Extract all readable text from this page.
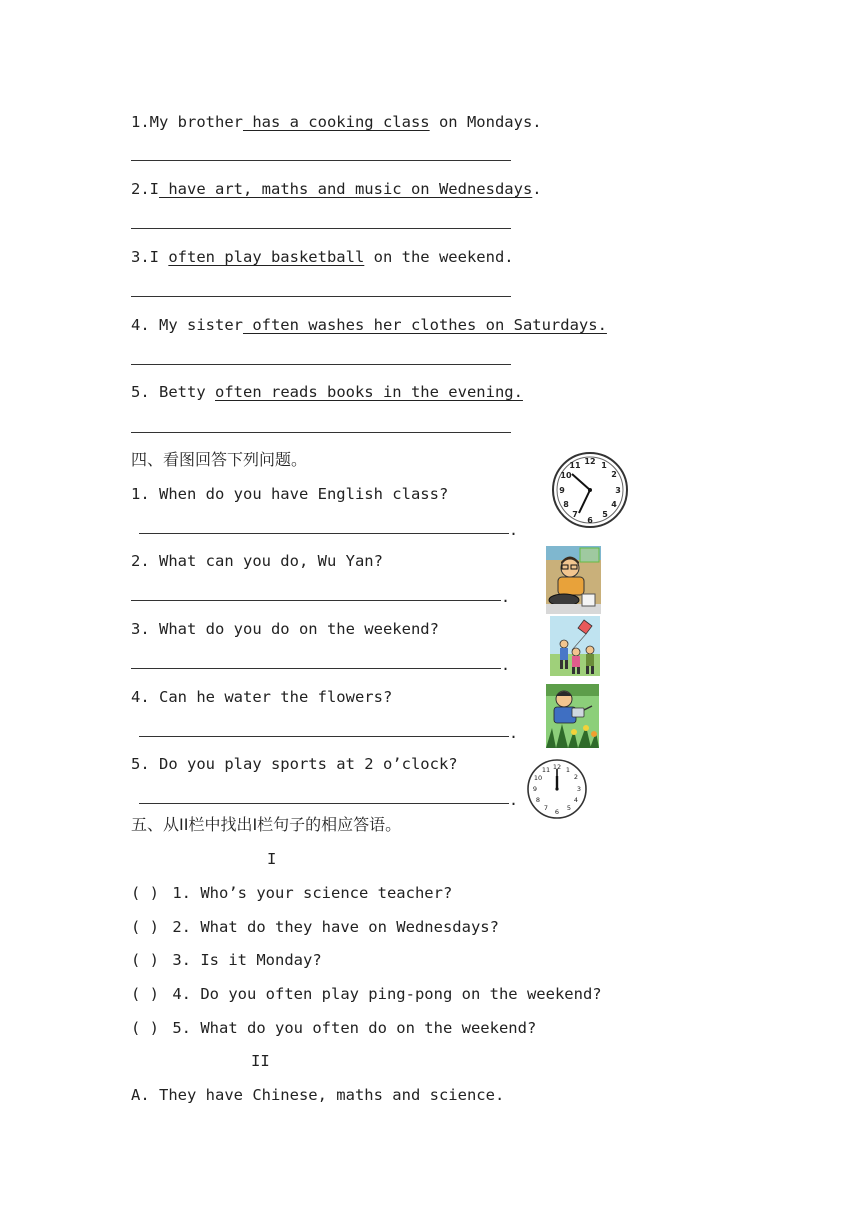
1.My brother has a cooking class on Mondays.
2.I have art, maths and music on Wednesdays.
3.I often play basketball on the weekend.
4. My sister often washes her clothes on Saturdays.
5. Betty often reads books in the evening.
四、看图回答下列问题。
1. When do you have English class?
.
2. What can you do, Wu Yan?
.
3. What do you do on the weekend?
.
4. Can he water the flowers?
.
5. Do you play sports at 2 o’clock?
.
12 1
2
3
4
5
6
7
8
9
10
11
12 1
2
3
4
5
6
7
8
9
10
11
五、从II栏中找出I栏句子的相应答语。
I
( ) 1. Who’s your science teacher?
( ) 2. What do they have on Wednesdays?
( ) 3. Is it Monday?
( ) 4. Do you often play ping-pong on the weekend?
( ) 5. What do you often do on the weekend?
II
A. They have Chinese, maths and science.
